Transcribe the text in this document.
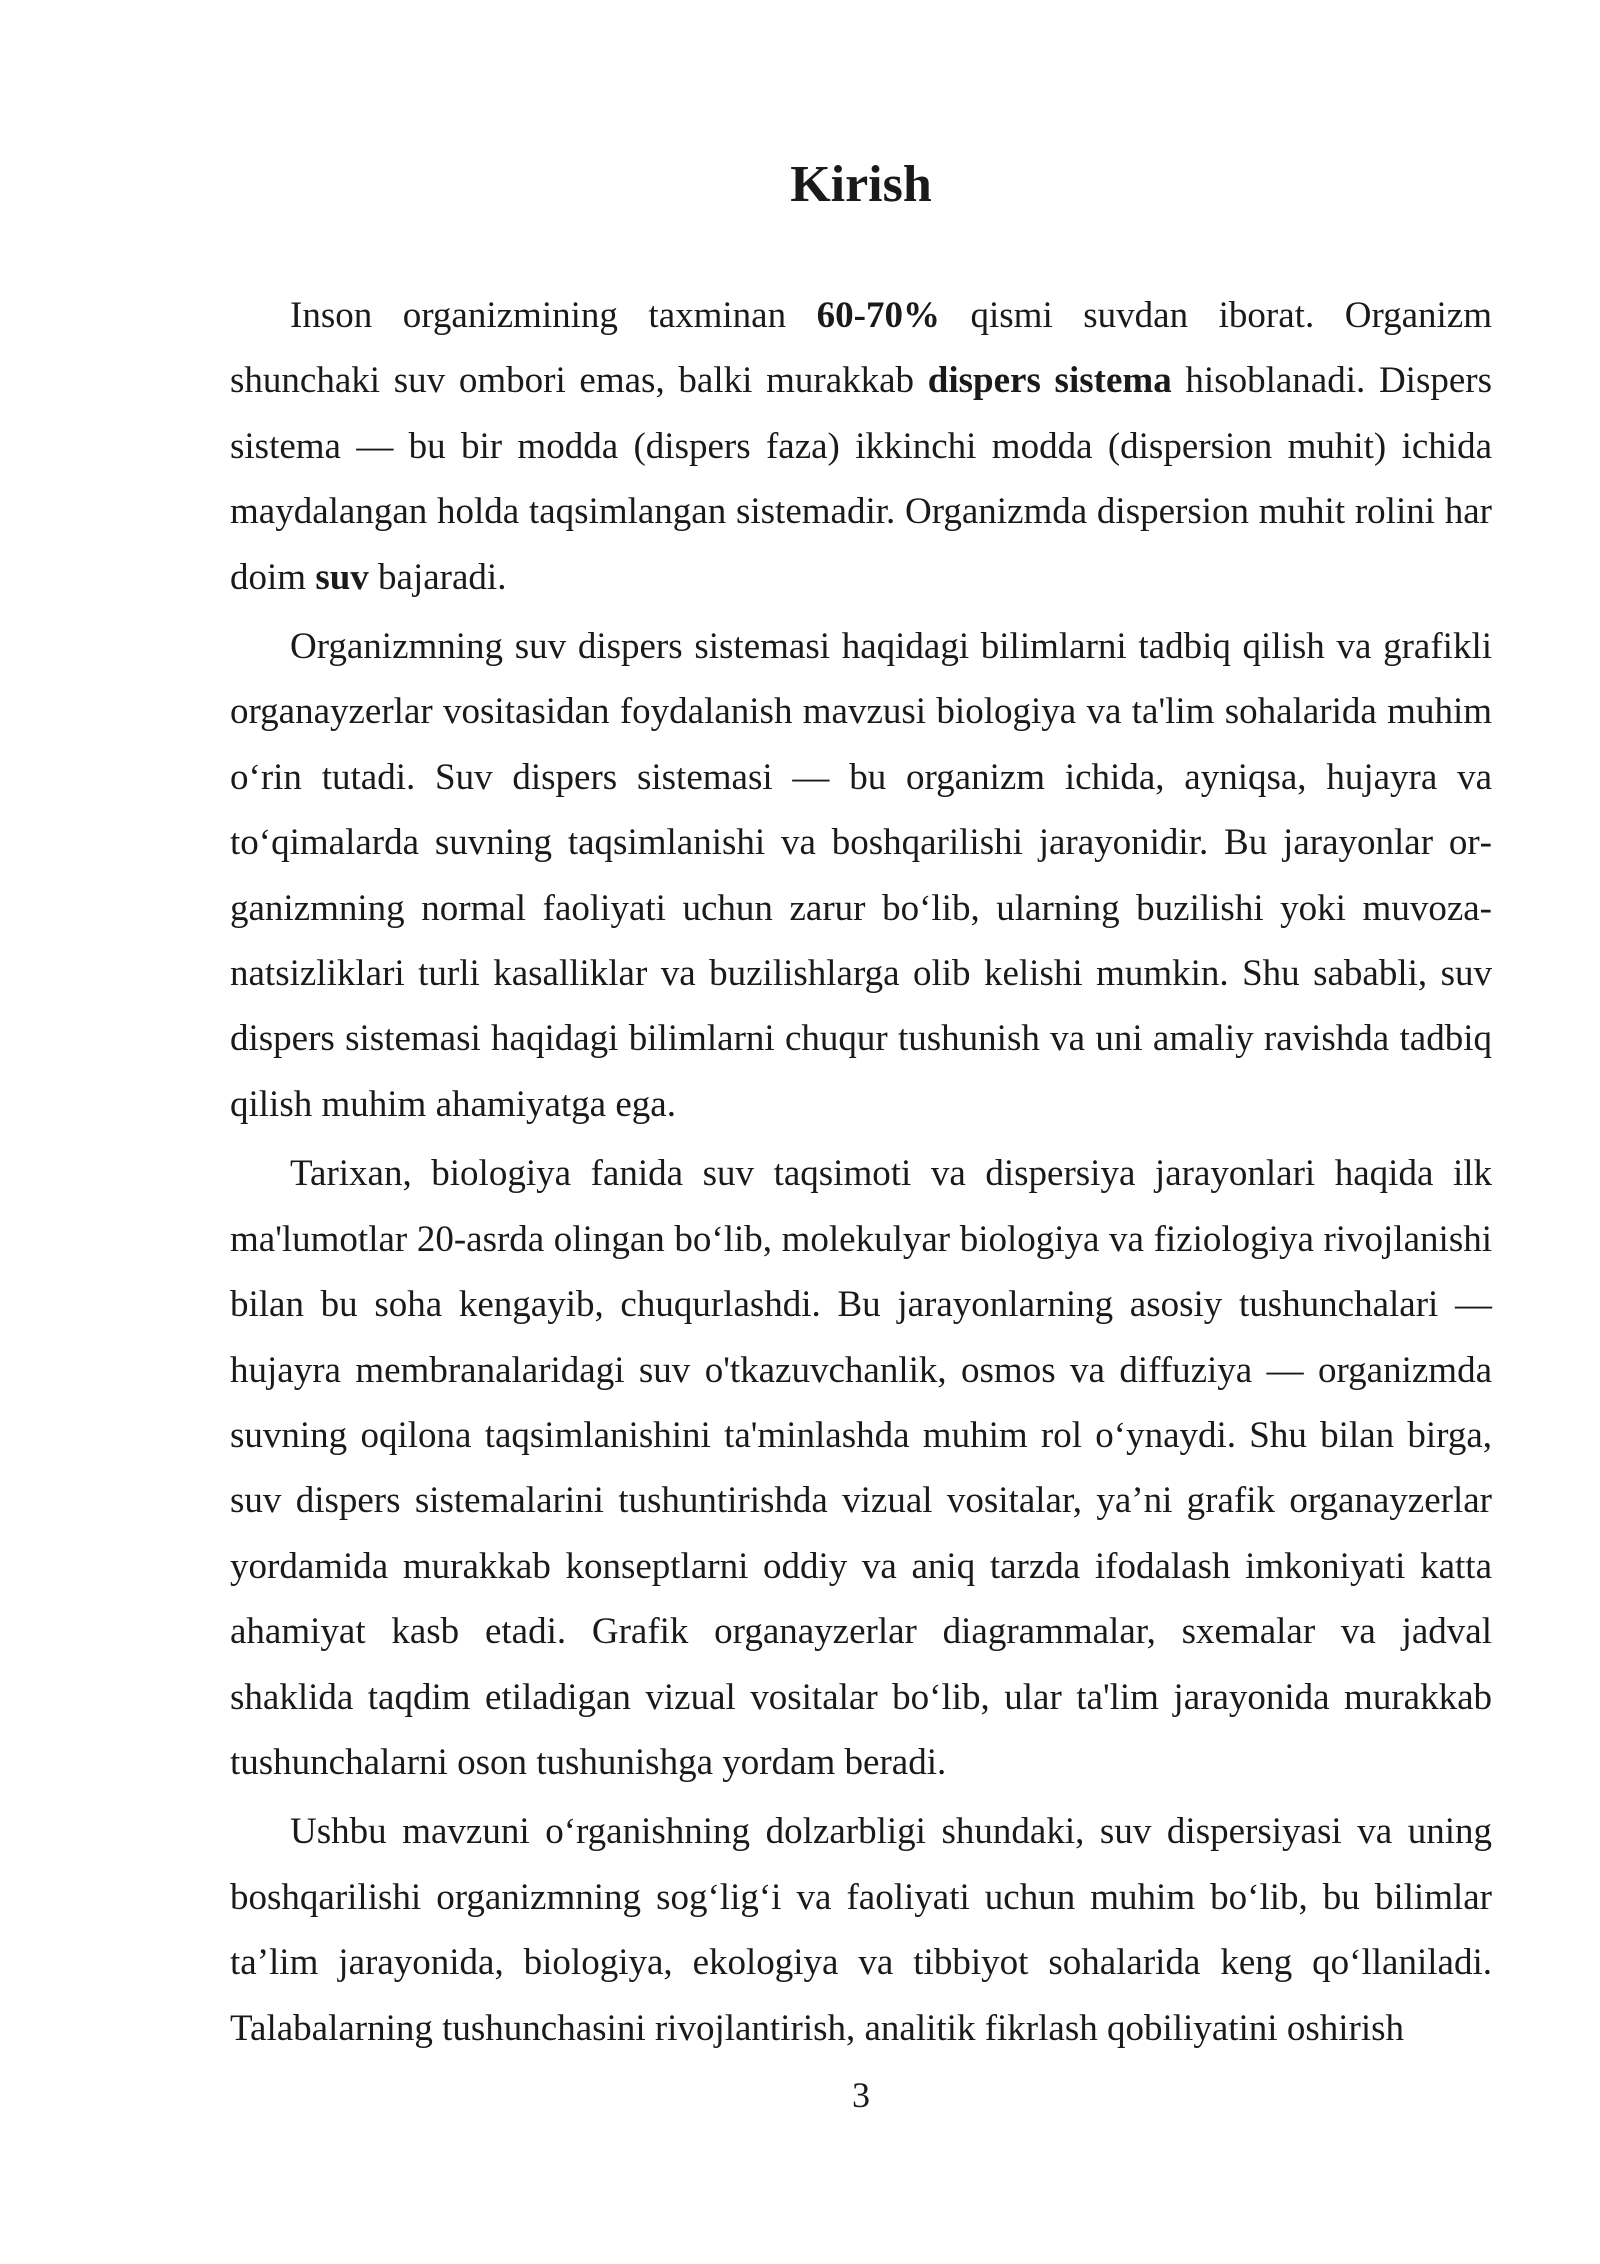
Kirish

Inson organizmining taxminan 60-70% qismi suvdan iborat. Organizm shunchaki suv ombori emas, balki murakkab dispers sistema hisoblanadi. Dispers sistema — bu bir modda (dispers faza) ikkinchi modda (dispersion muhit) ichida maydalangan holda taqsimlangan sistemadir. Organizmda dispersion muhit rolini har doim suv bajaradi.

Organizmning suv dispers sistemasi haqidagi bilimlarni tadbiq qilish va grafikli organayzerlar vositasidan foydalanish mavzusi biologiya va ta'lim sohalarida muhim o‘rin tutadi. Suv dispers sistemasi — bu organizm ichida, ayniqsa, hujayra va to‘qimalarda suvning taqsimlanishi va boshqarilishi jarayonidir. Bu jarayonlar organizmning normal faoliyati uchun zarur bo‘lib, ularning buzilishi yoki muvozanatsizliklari turli kasalliklar va buzilishlarga olib kelishi mumkin. Shu sababli, suv dispers sistemasi haqidagi bilimlarni chuqur tushunish va uni amaliy ravishda tadbiq qilish muhim ahamiyatga ega.

Tarixan, biologiya fanida suv taqsimoti va dispersiya jarayonlari haqida ilk ma'lumotlar 20-asrda olingan bo‘lib, molekulyar biologiya va fiziologiya rivojlanishi bilan bu soha kengayib, chuqurlashdi. Bu jarayonlarning asosiy tushunchalari — hujayra membranalaridagi suv o'tkazuvchanlik, osmos va diffuziya — organizmda suvning oqilona taqsimlanishini ta'minlashda muhim rol o‘ynaydi. Shu bilan birga, suv dispers sistemalarini tushuntirishda vizual vositalar, ya’ni grafik organayzerlar yordamida murakkab konseptlarni oddiy va aniq tarzda ifodalash imkoniyati katta ahamiyat kasb etadi. Grafik organayzerlar diagrammalar, sxemalar va jadval shaklida taqdim etiladigan vizual vositalar bo‘lib, ular ta'lim jarayonida murakkab tushunchalarni oson tushunishga yordam beradi.

Ushbu mavzuni o‘rganishning dolzarbligi shundaki, suv dispersiyasi va uning boshqarilishi organizmning sog‘lig‘i va faoliyati uchun muhim bo‘lib, bu bilimlar ta’lim jarayonida, biologiya, ekologiya va tibbiyot sohalarida keng qo‘llaniladi. Talabalarning tushunchasini rivojlantirish, analitik fikrlash qobiliyatini oshirish

3
